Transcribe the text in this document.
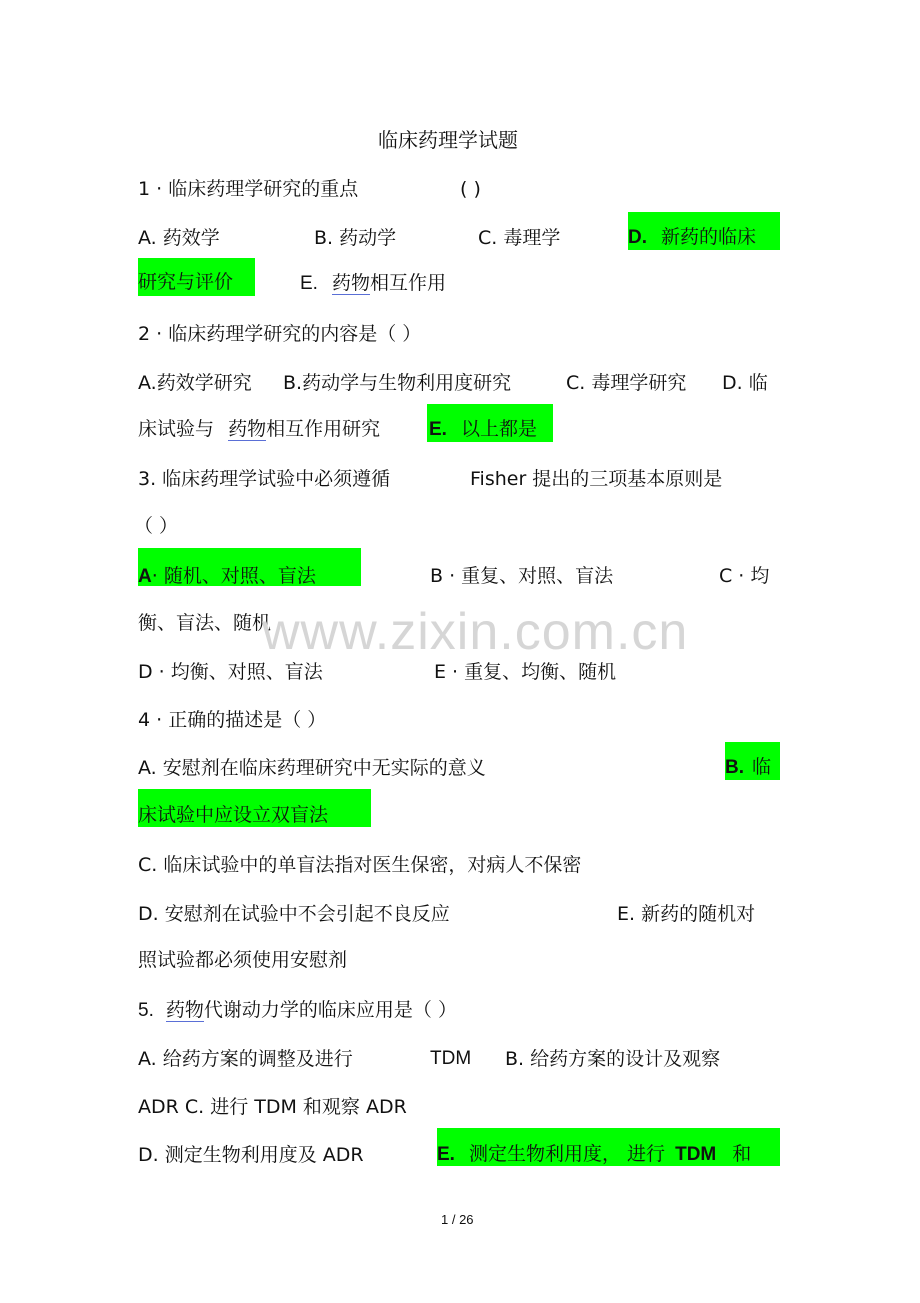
临床药理学试题
1 · 临床药理学研究的重点	( )
A. 药效学	B. 药动学	C. 毒理学	D. 新药的临床
研究与评价	E. 药物相互作用
2 · 临床药理学研究的内容是（ ）
A.药效学研究 B.药动学与生物利用度研究	C. 毒理学研究 D. 临
床试验与 药物相互作用研究	E. 以上都是
3. 临床药理学试验中必须遵循	Fisher 提出的三项基本原则是
（ ）
A· 随机、对照、盲法	B · 重复、对照、盲法	C · 均
衡、盲法、随机
D · 均衡、对照、盲法	E · 重复、均衡、随机
4 · 正确的描述是（ ）
A. 安慰剂在临床药理研究中无实际的意义	B. 临
床试验中应设立双盲法
C. 临床试验中的单盲法指对医生保密，对病人不保密
D. 安慰剂在试验中不会引起不良反应	E. 新药的随机对
照试验都必须使用安慰剂
5. 药物代谢动力学的临床应用是（ ）
A. 给药方案的调整及进行	TDM B. 给药方案的设计及观察
ADR C. 进行 TDM 和观察 ADR
D. 测定生物利用度及 ADR	E. 测定生物利用度， 进行 TDM 和
www.zixin.com.cn
1 / 26
